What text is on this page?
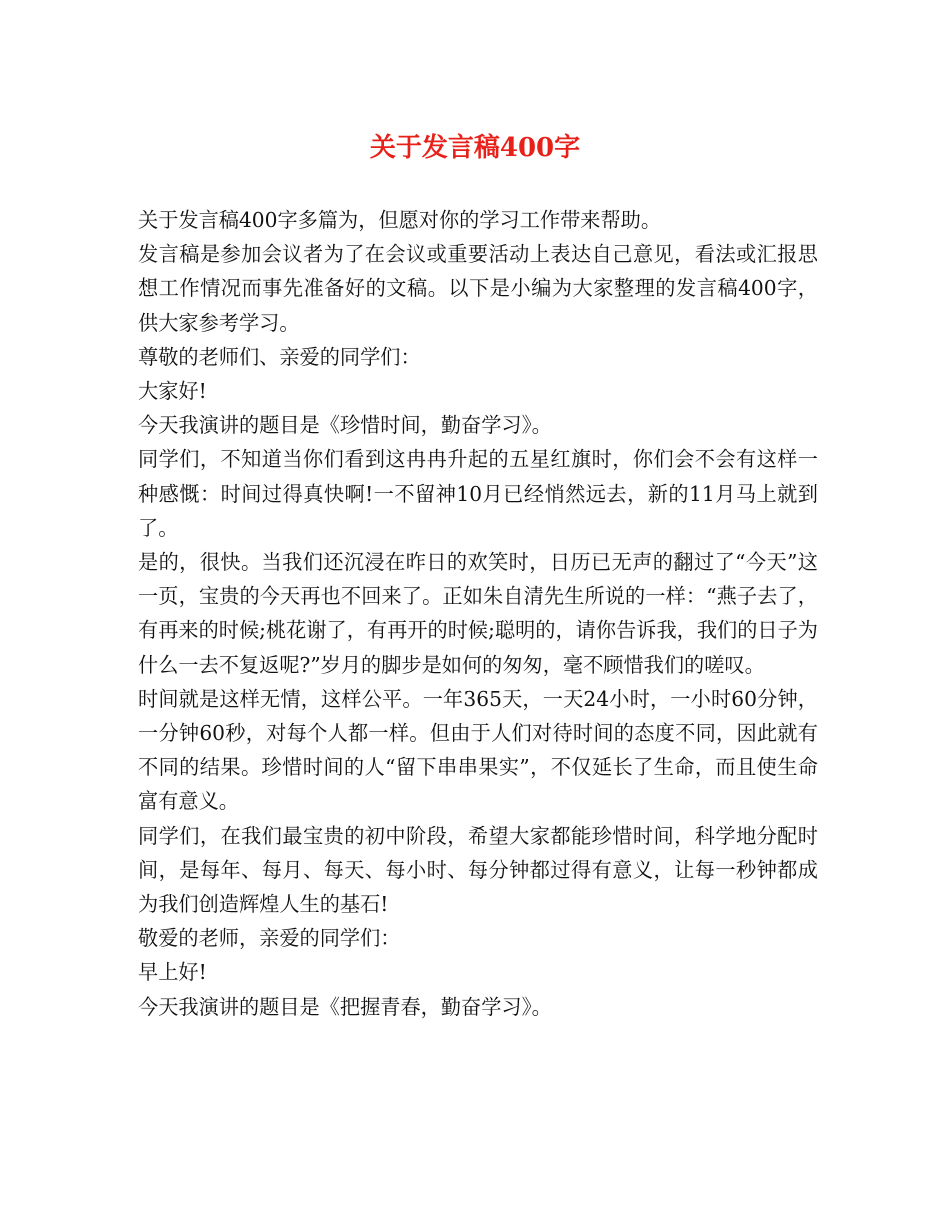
关于发言稿400字

关于发言稿400字多篇为，但愿对你的学习工作带来帮助。

发言稿是参加会议者为了在会议或重要活动上表达自己意见，看法或汇报思想工作情况而事先准备好的文稿。以下是小编为大家整理的发言稿400字，供大家参考学习。

尊敬的老师们、亲爱的同学们：

大家好!

今天我演讲的题目是《珍惜时间，勤奋学习》。

同学们，不知道当你们看到这冉冉升起的五星红旗时，你们会不会有这样一种感慨：时间过得真快啊!一不留神10月已经悄然远去，新的11月马上就到了。

是的，很快。当我们还沉浸在昨日的欢笑时，日历已无声的翻过了“今天”这一页，宝贵的今天再也不回来了。正如朱自清先生所说的一样：“燕子去了，有再来的时候;桃花谢了，有再开的时候;聪明的，请你告诉我，我们的日子为什么一去不复返呢?”岁月的脚步是如何的匆匆，毫不顾惜我们的嗟叹。

时间就是这样无情，这样公平。一年365天，一天24小时，一小时60分钟，一分钟60秒，对每个人都一样。但由于人们对待时间的态度不同，因此就有不同的结果。珍惜时间的人“留下串串果实”，不仅延长了生命，而且使生命富有意义。

同学们，在我们最宝贵的初中阶段，希望大家都能珍惜时间，科学地分配时间，是每年、每月、每天、每小时、每分钟都过得有意义，让每一秒钟都成为我们创造辉煌人生的基石!

敬爱的老师，亲爱的同学们：

早上好!

今天我演讲的题目是《把握青春，勤奋学习》。
